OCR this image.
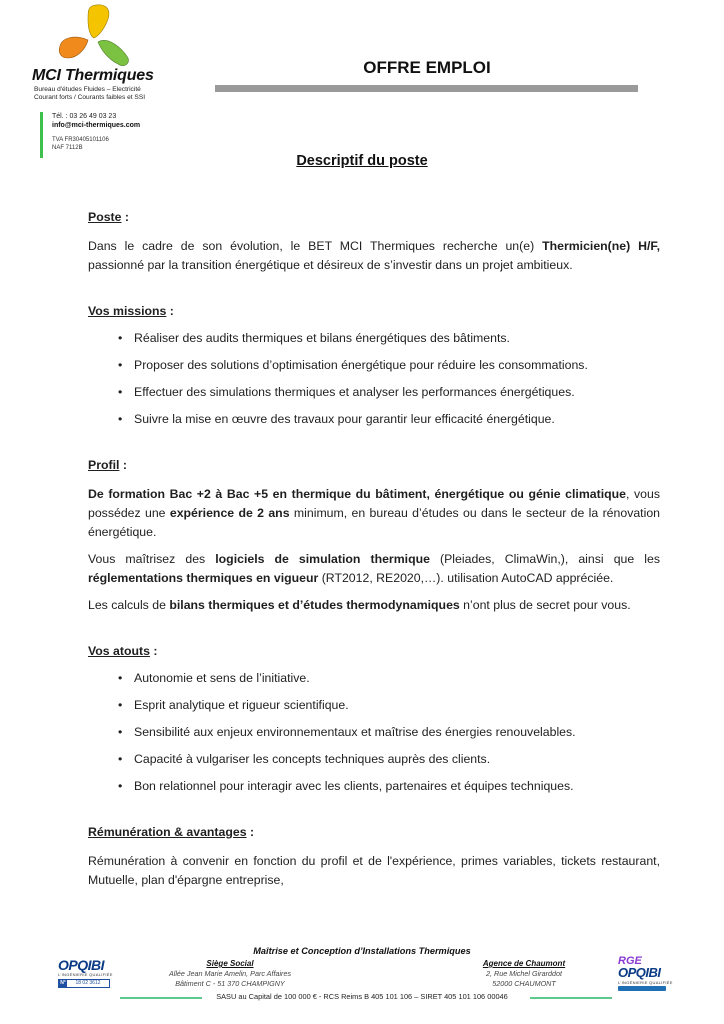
MCI Thermiques
Bureau d'études Fluides – Electricité
Courant forts / Courants faibles et SSI
Tél. : 03 26 49 03 23
info@mci-thermiques.com
TVA FR30405101106
NAF 7112B
OFFRE EMPLOI
Descriptif du poste

Poste :

Dans le cadre de son évolution, le BET MCI Thermiques recherche un(e) Thermicien(ne) H/F, passionné par la transition énergétique et désireux de s’investir dans un projet ambitieux.

Vos missions :

• Réaliser des audits thermiques et bilans énergétiques des bâtiments.
• Proposer des solutions d’optimisation énergétique pour réduire les consommations.
• Effectuer des simulations thermiques et analyser les performances énergétiques.
• Suivre la mise en œuvre des travaux pour garantir leur efficacité énergétique.

Profil :

De formation Bac +2 à Bac +5 en thermique du bâtiment, énergétique ou génie climatique, vous possédez une expérience de 2 ans minimum, en bureau d’études ou dans le secteur de la rénovation énergétique.

Vous maîtrisez des logiciels de simulation thermique (Pleiades, ClimaWin,), ainsi que les réglementations thermiques en vigueur (RT2012, RE2020,…). utilisation AutoCAD appréciée.

Les calculs de bilans thermiques et d’études thermodynamiques n’ont plus de secret pour vous.

Vos atouts :

• Autonomie et sens de l’initiative.
• Esprit analytique et rigueur scientifique.
• Sensibilité aux enjeux environnementaux et maîtrise des énergies renouvelables.
• Capacité à vulgariser les concepts techniques auprès des clients.
• Bon relationnel pour interagir avec les clients, partenaires et équipes techniques.

Rémunération & avantages :

Rémunération à convenir en fonction du profil et de l'expérience, primes variables, tickets restaurant, Mutuelle, plan d'épargne entreprise,

Maîtrise et Conception d’Installations Thermiques
OPQIBI
L'INGÉNIERIE QUALIFIÉE
N°	18 02 3612
Siège Social
Allée Jean Marie Amelin, Parc Affaires
Bâtiment C - 51 370 CHAMPIGNY
Agence de Chaumont
2, Rue Michel Girarddot
52000 CHAUMONT
RGE
OPQIBI
L'INGÉNIERIE QUALIFIÉE
SASU au Capital de 100 000 € - RCS Reims B 405 101 106 – SIRET 405 101 106 00046
